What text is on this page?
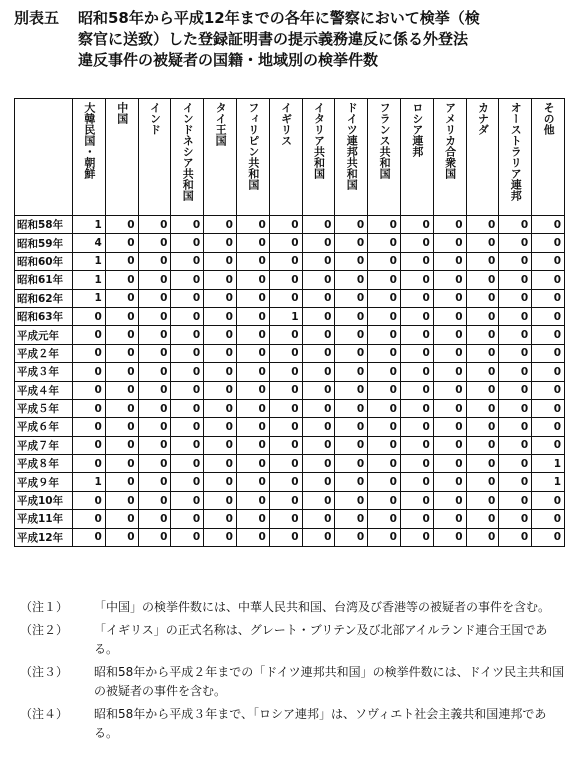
別表五 昭和58年から平成12年までの各年に警察において検挙（検
察官に送致）した登録証明書の提示義務違反に係る外登法
違反事件の被疑者の国籍・地域別の検挙件数

大韓民国・朝鮮	中国	インド	インドネシア共和国	タイ王国	フィリピン共和国	イギリス	イタリア共和国	ドイツ連邦共和国	フランス共和国	ロシア連邦	アメリカ合衆国	カナダ	オーストラリア連邦	その他

昭和58年	1	0	0	0	0	0	0	0	0	0	0	0	0	0	0
昭和59年	4	0	0	0	0	0	0	0	0	0	0	0	0	0	0
昭和60年	1	0	0	0	0	0	0	0	0	0	0	0	0	0	0
昭和61年	1	0	0	0	0	0	0	0	0	0	0	0	0	0	0
昭和62年	1	0	0	0	0	0	0	0	0	0	0	0	0	0	0
昭和63年	0	0	0	0	0	0	1	0	0	0	0	0	0	0	0
平成元年	0	0	0	0	0	0	0	0	0	0	0	0	0	0	0
平成２年	0	0	0	0	0	0	0	0	0	0	0	0	0	0	0
平成３年	0	0	0	0	0	0	0	0	0	0	0	0	0	0	0
平成４年	0	0	0	0	0	0	0	0	0	0	0	0	0	0	0
平成５年	0	0	0	0	0	0	0	0	0	0	0	0	0	0	0
平成６年	0	0	0	0	0	0	0	0	0	0	0	0	0	0	0
平成７年	0	0	0	0	0	0	0	0	0	0	0	0	0	0	0
平成８年	0	0	0	0	0	0	0	0	0	0	0	0	0	0	1
平成９年	1	0	0	0	0	0	0	0	0	0	0	0	0	0	1
平成10年	0	0	0	0	0	0	0	0	0	0	0	0	0	0	0
平成11年	0	0	0	0	0	0	0	0	0	0	0	0	0	0	0
平成12年	0	0	0	0	0	0	0	0	0	0	0	0	0	0	0
（注１）	「中国」の検挙件数には、中華人民共和国、台湾及び香港等の被疑者の事件を含む。
（注２）	「イギリス」の正式名称は、グレート・ブリテン及び北部アイルランド連合王国である。
（注３）	昭和58年から平成２年までの「ドイツ連邦共和国」の検挙件数には、ドイツ民主共和国の被疑者の事件を含む。
（注４）	昭和58年から平成３年まで、「ロシア連邦」は、ソヴィエト社会主義共和国連邦である。
